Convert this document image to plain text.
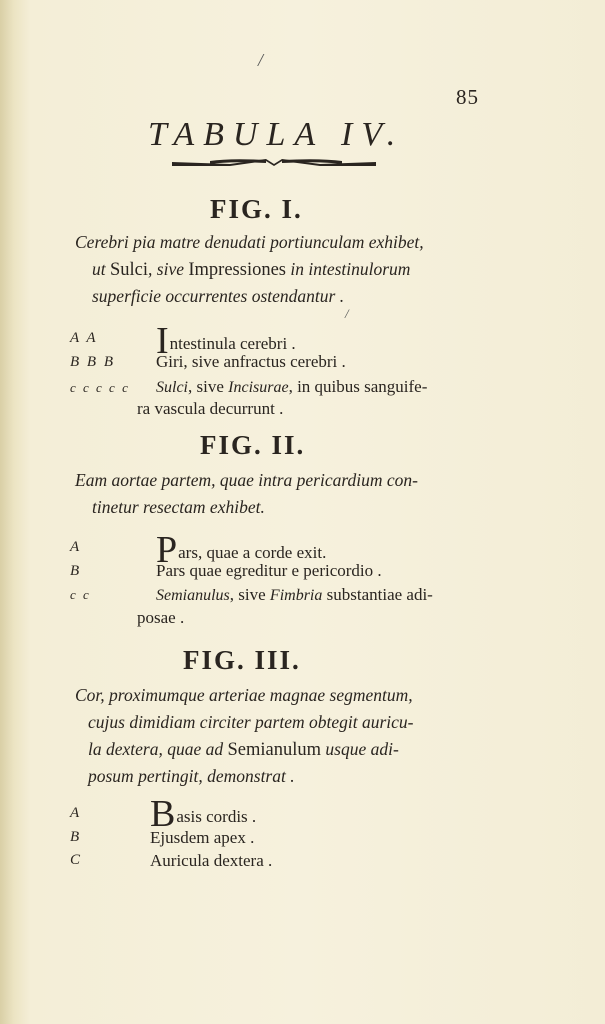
/
85
TABULA IV.
FIG. I.
Cerebri pia matre denudati portiunculam exhibet,
ut Sulci, sive Impressiones in intestinulorum
superficie occurrentes ostendantur .
/
A A Intestinula cerebri .
B B B Giri, sive anfractus cerebri .
c c c c c Sulci, sive Incisurae, in quibus sanguife-
ra vascula decurrunt .
FIG. II.
Eam aortae partem, quae intra pericardium con-
tinetur resectam exhibet.
A Pars, quae a corde exit.
B	Pars quae egreditur e pericordio .
c c	Semianulus, sive Fimbria substantiae adi-
posae .
FIG. III.
Cor, proximumque arteriae magnae segmentum,
cujus dimidiam circiter partem obtegit auricu-
la dextera, quae ad Semianulum usque adi-
posum pertingit, demonstrat .
A Basis cordis .
B	Ejusdem apex .
C	Auricula dextera .
